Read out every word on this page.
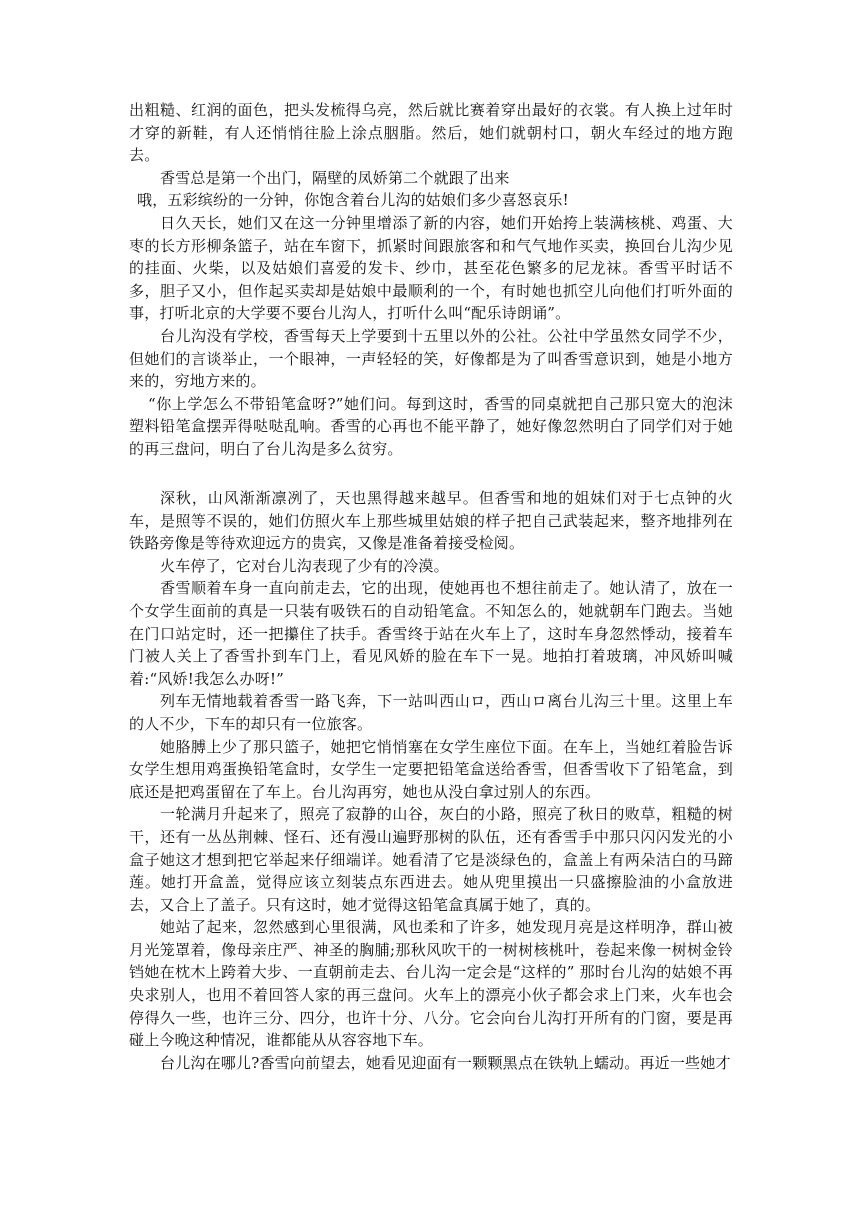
出粗糙、红润的面色，把头发梳得乌亮，然后就比赛着穿出最好的衣裳。有人换上过年时才穿的新鞋，有人还悄悄往脸上涂点胭脂。然后，她们就朝村口，朝火车经过的地方跑去。

香雪总是第一个出门，隔壁的凤娇第二个就跟了出来

哦，五彩缤纷的一分钟，你饱含着台儿沟的姑娘们多少喜怒哀乐!

日久天长，她们又在这一分钟里增添了新的内容，她们开始挎上装满核桃、鸡蛋、大枣的长方形柳条篮子，站在车窗下，抓紧时间跟旅客和和气气地作买卖，换回台儿沟少见的挂面、火柴，以及姑娘们喜爱的发卡、纱巾，甚至花色繁多的尼龙袜。香雪平时话不多，胆子又小，但作起买卖却是姑娘中最顺利的一个，有时她也抓空儿向他们打听外面的事，打听北京的大学要不要台儿沟人，打听什么叫“配乐诗朗诵”。

台儿沟没有学校，香雪每天上学要到十五里以外的公社。公社中学虽然女同学不少，但她们的言谈举止，一个眼神，一声轻轻的笑，好像都是为了叫香雪意识到，她是小地方来的，穷地方来的。

“你上学怎么不带铅笔盒呀?”她们问。每到这时，香雪的同桌就把自己那只宽大的泡沫塑料铅笔盒摆弄得哒哒乱响。香雪的心再也不能平静了，她好像忽然明白了同学们对于她的再三盘问，明白了台儿沟是多么贫穷。

深秋，山风渐渐凛冽了，天也黑得越来越早。但香雪和地的姐妹们对于七点钟的火车，是照等不误的，她们仿照火车上那些城里姑娘的样子把自己武装起来，整齐地排列在铁路旁像是等待欢迎远方的贵宾，又像是准备着接受检阅。

火车停了，它对台儿沟表现了少有的冷漠。

香雪顺着车身一直向前走去，它的出现，使她再也不想往前走了。她认清了，放在一个女学生面前的真是一只装有吸铁石的自动铅笔盒。不知怎么的，她就朝车门跑去。当她在门口站定时，还一把攥住了扶手。香雪终于站在火车上了，这时车身忽然悸动，接着车门被人关上了香雪扑到车门上，看见风娇的脸在车下一晃。地拍打着玻璃，冲风娇叫喊着:“风娇!我怎么办呀!”

列车无情地载着香雪一路飞奔，下一站叫西山ロ，西山ロ离台儿沟三十里。这里上车的人不少，下车的却只有一位旅客。

她胳膊上少了那只篮子，她把它悄悄塞在女学生座位下面。在车上，当她红着脸告诉女学生想用鸡蛋换铅笔盒时，女学生一定要把铅笔盒送给香雪，但香雪收下了铅笔盒，到底还是把鸡蛋留在了车上。台儿沟再穷，她也从没白拿过别人的东西。

一轮满月升起来了，照亮了寂静的山谷，灰白的小路，照亮了秋日的败草，粗糙的树干，还有一丛丛荆棘、怪石、还有漫山遍野那树的队伍，还有香雪手中那只闪闪发光的小盒子她这才想到把它举起来仔细端详。她看清了它是淡绿色的，盒盖上有两朵洁白的马蹄莲。她打开盒盖，觉得应该立刻装点东西进去。她从兜里摸出一只盛擦脸油的小盒放进去，又合上了盖子。只有这时，她才觉得这铅笔盒真属于她了，真的。

她站了起来，忽然感到心里很满，风也柔和了许多，她发现月亮是这样明净，群山被月光笼罩着，像母亲庄严、神圣的胸脯;那秋风吹干的一树树核桃叶，卷起来像一树树金铃铛她在枕木上跨着大步、一直朝前走去、台儿沟一定会是“这样的” 那时台儿沟的姑娘不再央求别人，也用不着回答人家的再三盘问。火车上的漂亮小伙子都会求上门来，火车也会停得久一些，也许三分、四分，也许十分、八分。它会向台儿沟打开所有的门窗，要是再碰上今晚这种情况，谁都能从从容容地下车。

台儿沟在哪儿?香雪向前望去，她看见迎面有一颗颗黑点在铁轨上蠕动。再近一些她才
